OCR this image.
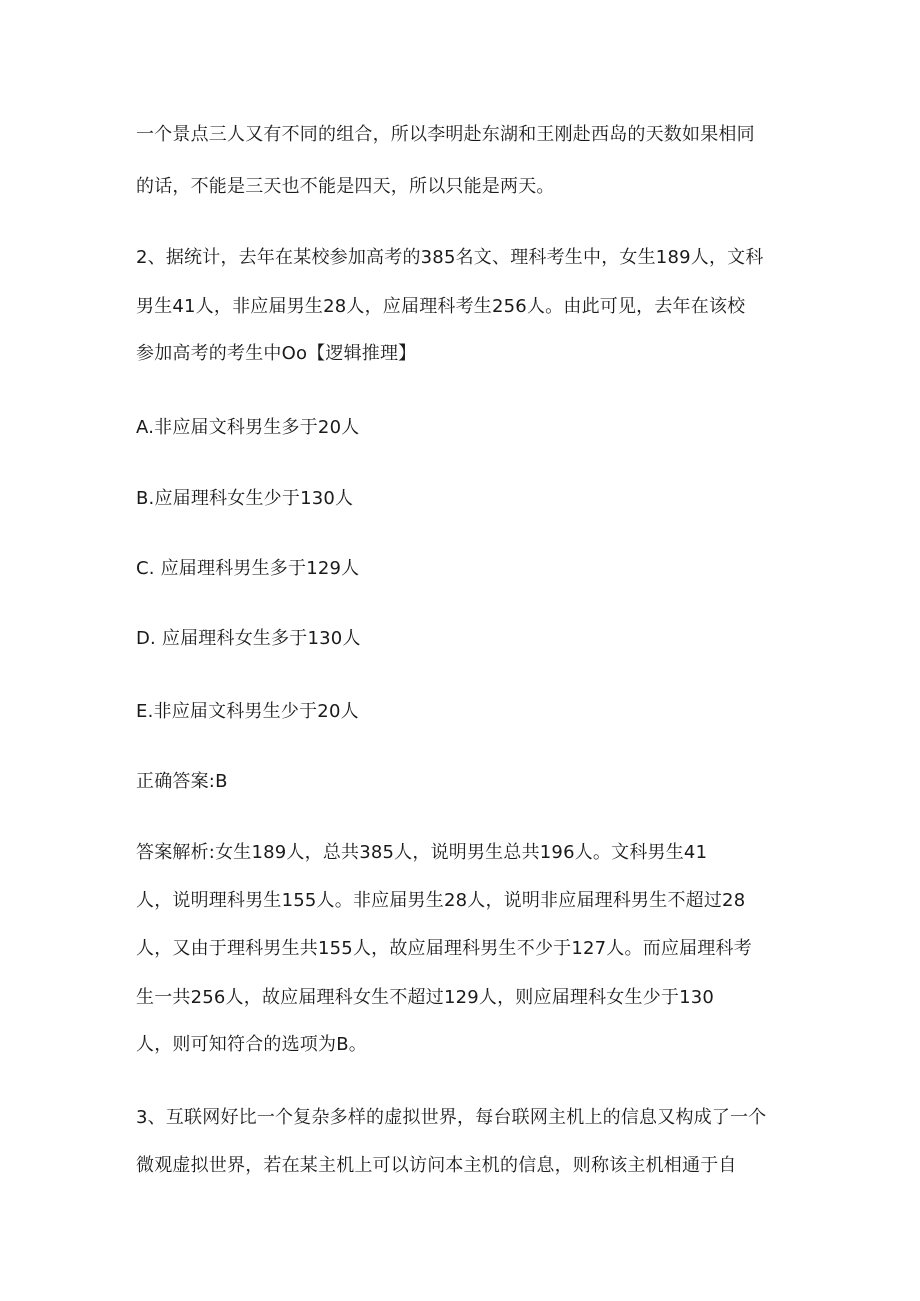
一个景点三人又有不同的组合，所以李明赴东湖和王刚赴西岛的天数如果相同
的话，不能是三天也不能是四天，所以只能是两天。
2、据统计，去年在某校参加高考的385名文、理科考生中，女生189人，文科
男生41人，非应届男生28人，应届理科考生256人。由此可见，去年在该校
参加高考的考生中Oo【逻辑推理】
A.非应届文科男生多于20人
B.应届理科女生少于130人
C. 应届理科男生多于129人
D. 应届理科女生多于130人
E.非应届文科男生少于20人
正确答案:B
答案解析:女生189人，总共385人，说明男生总共196人。文科男生41
人，说明理科男生155人。非应届男生28人，说明非应届理科男生不超过28
人，又由于理科男生共155人，故应届理科男生不少于127人。而应届理科考
生一共256人，故应届理科女生不超过129人，则应届理科女生少于130
人，则可知符合的选项为B。
3、互联网好比一个复杂多样的虚拟世界，每台联网主机上的信息又构成了一个
微观虚拟世界，若在某主机上可以访问本主机的信息，则称该主机相通于自
